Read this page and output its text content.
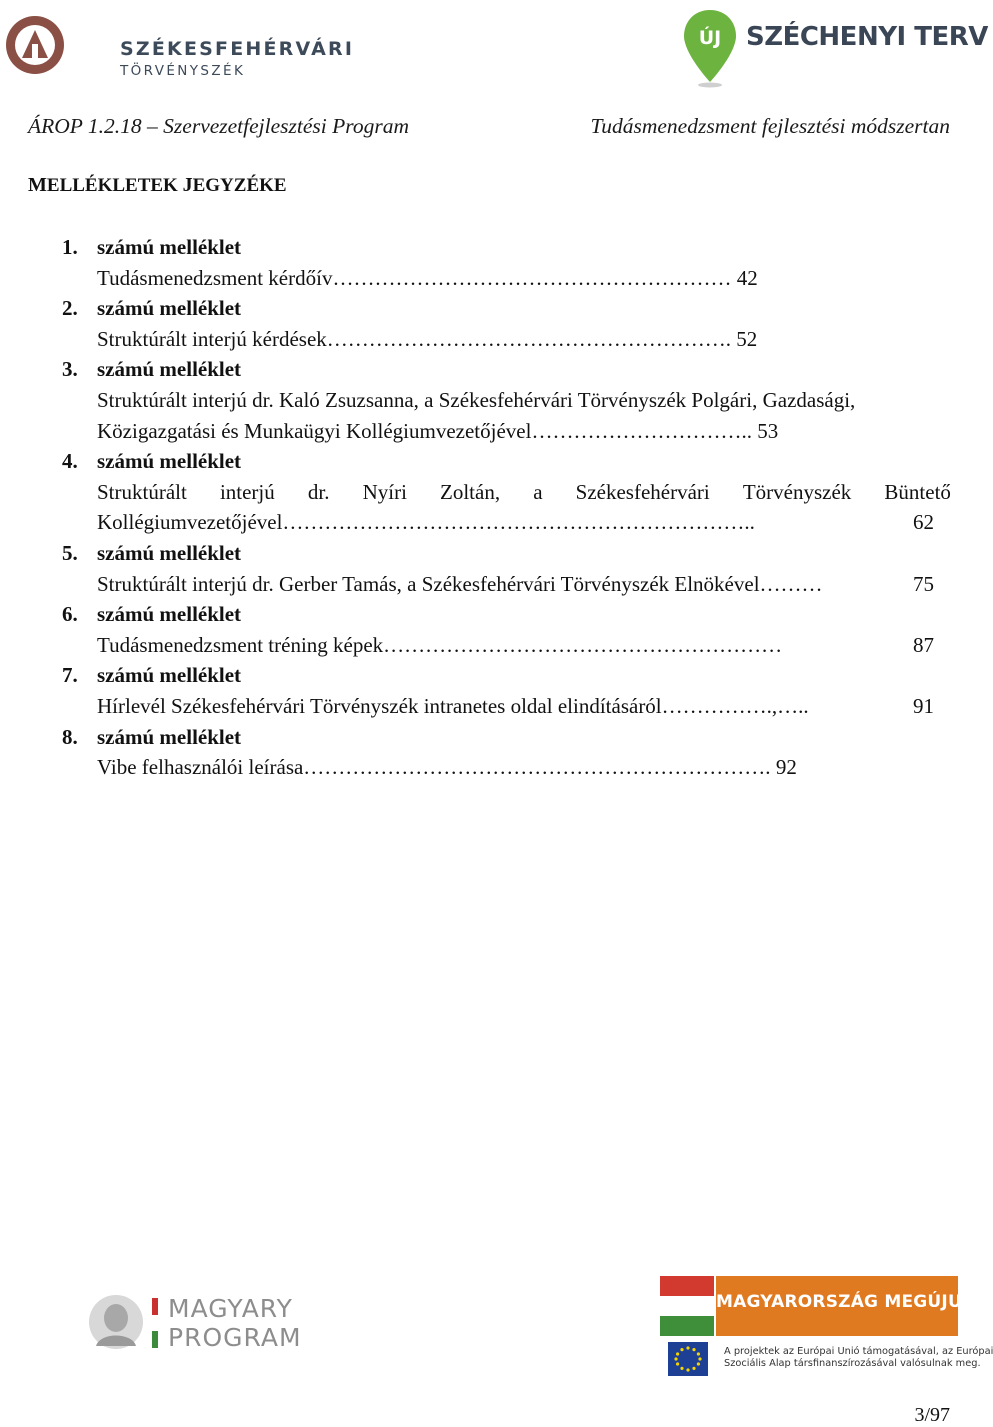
SZÉKESFEHÉRVÁRI
TÖRVÉNYSZÉK
ÚJ SZÉCHENYI TERV
ÁROP 1.2.18 – Szervezetfejlesztési Program	Tudásmenedzsment fejlesztési módszertan
MELLÉKLETEK JEGYZÉKE
1. számú melléklet
Tudásmenedzsment kérdőív………………………………………………… 42
2. számú melléklet
Struktúrált interjú kérdések…………………………………………………. 52
3. számú melléklet
Struktúrált interjú dr. Kaló Zsuzsanna, a Székesfehérvári Törvényszék Polgári, Gazdasági,
Közigazgatási és Munkaügyi Kollégiumvezetőjével………………………….. 53
4. számú melléklet
Struktúrált interjú dr. Nyíri Zoltán, a Székesfehérvári Törvényszék Büntető
Kollégiumvezetőjével…………………………………………………………..	62
5. számú melléklet
Struktúrált interjú dr. Gerber Tamás, a Székesfehérvári Törvényszék Elnökével………	75
6. számú melléklet
Tudásmenedzsment tréning képek…………………………………………………	87
7. számú melléklet
Hírlevél Székesfehérvári Törvényszék intranetes oldal elindításáról…………….,…..	91
8. számú melléklet
Vibe felhasználói leírása…………………………………………………………. 92
MAGYARY
PROGRAM
MAGYARORSZÁG MEGÚJUL
A projektek az Európai Unió támogatásával, az Európai
Szociális Alap társfinanszírozásával valósulnak meg.
3/97
